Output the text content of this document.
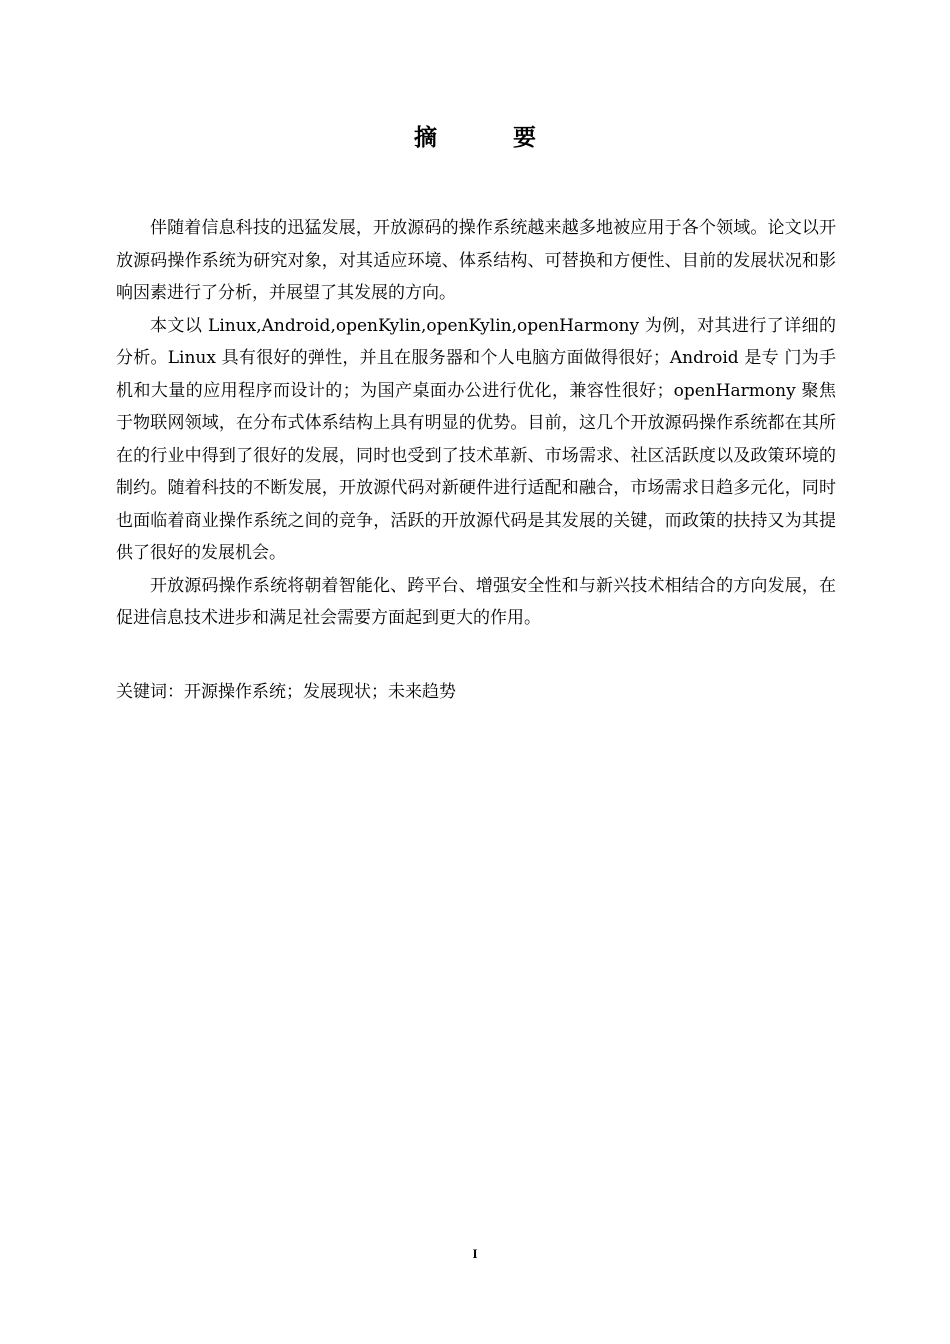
摘 要

伴随着信息科技的迅猛发展，开放源码的操作系统越来越多地被应用于各个领域。论文以开放源码操作系统为研究对象，对其适应环境、体系结构、可替换和方便性、目前的发展状况和影响因素进行了分析，并展望了其发展的方向。

本文以 Linux,Android,openKylin,openKylin,openHarmony 为例，对其进行了详细的分析。Linux 具有很好的弹性，并且在服务器和个人电脑方面做得很好；Android 是专 门为手机和大量的应用程序而设计的；为国产桌面办公进行优化，兼容性很好；openHarmony 聚焦于物联网领域，在分布式体系结构上具有明显的优势。目前，这几个开放源码操作系统都在其所在的行业中得到了很好的发展，同时也受到了技术革新、市场需求、社区活跃度以及政策环境的制约。随着科技的不断发展，开放源代码对新硬件进行适配和融合，市场需求日趋多元化，同时也面临着商业操作系统之间的竞争，活跃的开放源代码是其发展的关键，而政策的扶持又为其提供了很好的发展机会。

开放源码操作系统将朝着智能化、跨平台、增强安全性和与新兴技术相结合的方向发展，在促进信息技术进步和满足社会需要方面起到更大的作用。

关键词：开源操作系统；发展现状；未来趋势
I
